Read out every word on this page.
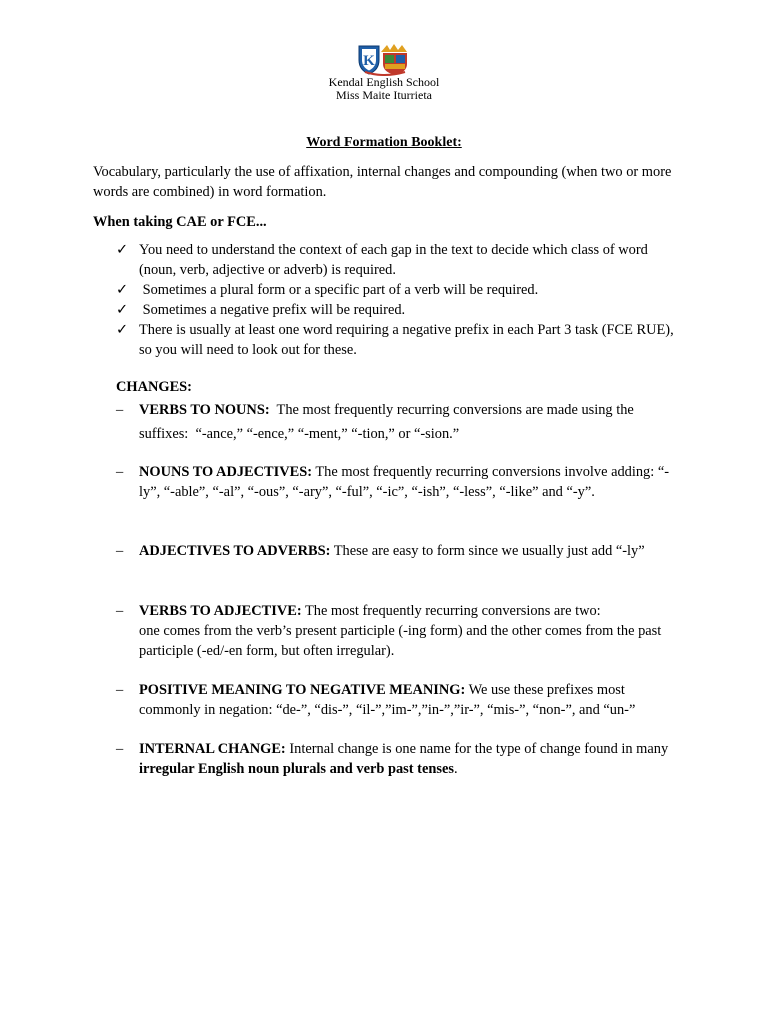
K
Kendal English School
Miss Maite Iturrieta
Word Formation Booklet:

Vocabulary, particularly the use of affixation, internal changes and compounding (when two or more words are combined) in word formation.

When taking CAE or FCE...
✓ You need to understand the context of each gap in the text to decide which class of word (noun, verb, adjective or adverb) is required.
✓ Sometimes a plural form or a specific part of a verb will be required.
✓ Sometimes a negative prefix will be required.
✓ There is usually at least one word requiring a negative prefix in each Part 3 task (FCE RUE), so you will need to look out for these.
CHANGES:
– VERBS TO NOUNS:  The most frequently recurring conversions are made using the suffixes:  “-ance,” “-ence,” “-ment,” “-tion,” or “-sion.”
– NOUNS TO ADJECTIVES: The most frequently recurring conversions involve adding: “-ly”, “-able”, “-al”, “-ous”, “-ary”, “-ful”, “-ic”, “-ish”, “-less”, “-like” and “-y”.
– ADJECTIVES TO ADVERBS: These are easy to form since we usually just add “-ly”
– VERBS TO ADJECTIVE: The most frequently recurring conversions are two:
one comes from the verb’s present participle (-ing form) and the other comes from the past participle (-ed/-en form, but often irregular).
– POSITIVE MEANING TO NEGATIVE MEANING: We use these prefixes most commonly in negation: “de-”, “dis-”, “il-”,”im-”,”in-”,”ir-”, “mis-”, “non-”, and “un-”
– INTERNAL CHANGE: Internal change is one name for the type of change found in many irregular English noun plurals and verb past tenses.
